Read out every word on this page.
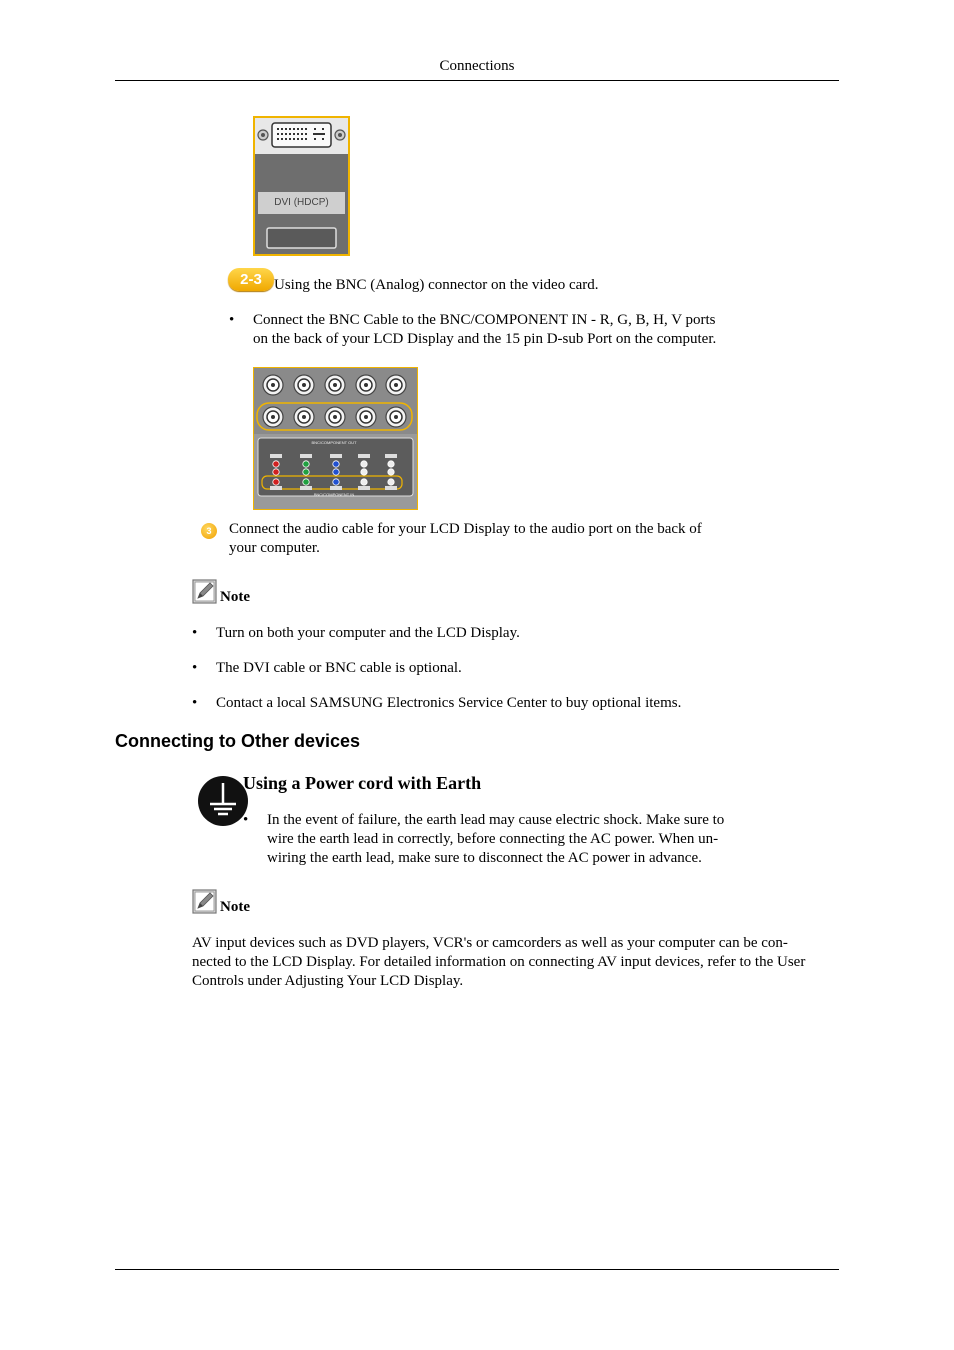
Connections
DVI (HDCP)
2-3 Using the BNC (Analog) connector on the video card.
• Connect the BNC Cable to the BNC/COMPONENT IN - R, G, B, H, V ports
on the back of your LCD Display and the 15 pin D-sub Port on the computer.
BNC/COMPONENT OUT
BNC/COMPONENT IN
3	Connect the audio cable for your LCD Display to the audio port on the back of
your computer.
Note
• Turn on both your computer and the LCD Display.
• The DVI cable or BNC cable is optional.
• Contact a local SAMSUNG Electronics Service Center to buy optional items.
Connecting to Other devices
Using a Power cord with Earth
• In the event of failure, the earth lead may cause electric shock. Make sure to
wire the earth lead in correctly, before connecting the AC power. When un-
wiring the earth lead, make sure to disconnect the AC power in advance.
Note
AV input devices such as DVD players, VCR's or camcorders as well as your computer can be con-
nected to the LCD Display. For detailed information on connecting AV input devices, refer to the User
Controls under Adjusting Your LCD Display.
